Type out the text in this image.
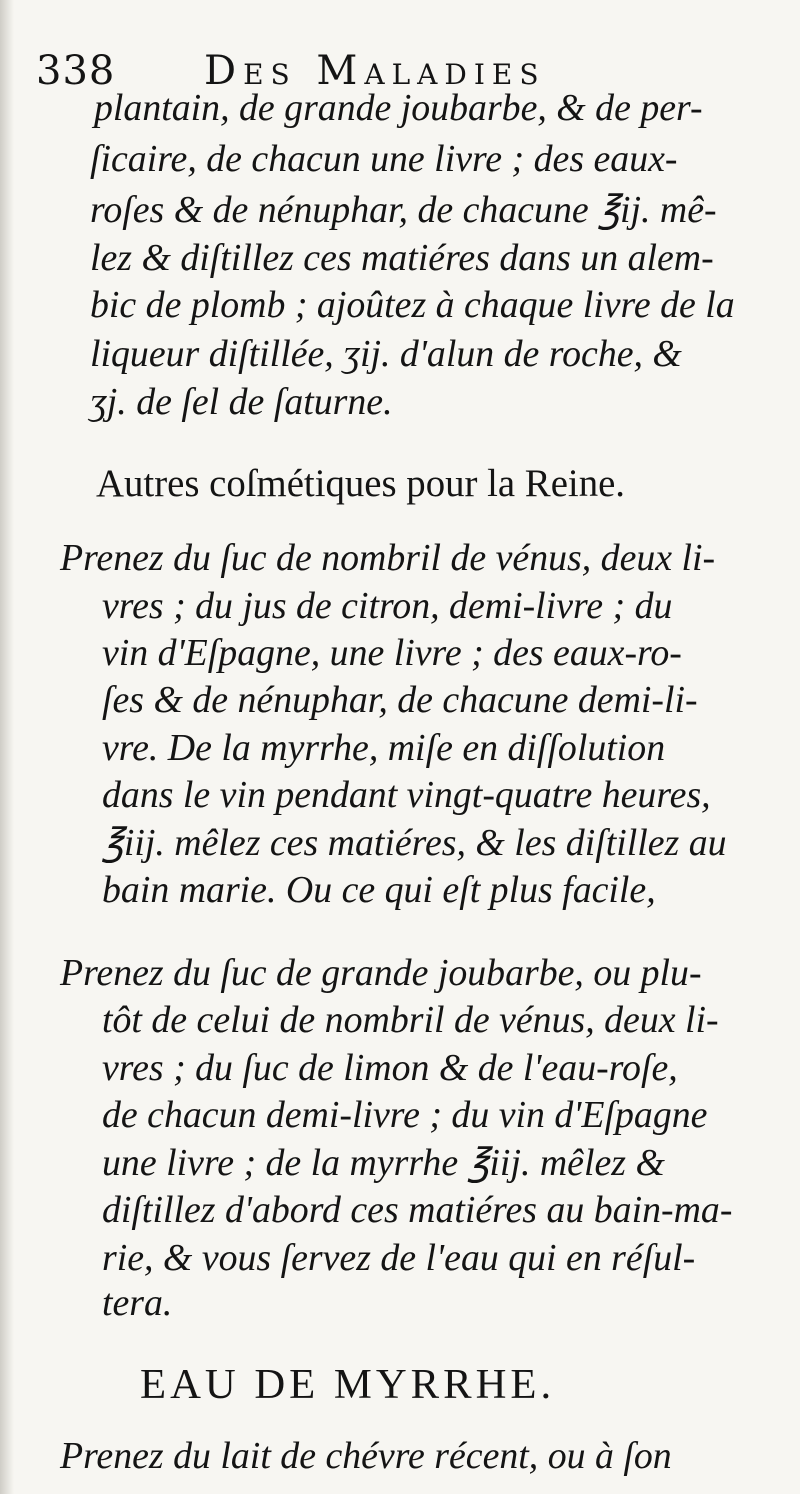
338 Des Maladies
plantain, de grande joubarbe, & de per-
ſicaire, de chacun une livre ; des eaux-
roſes & de nénuphar, de chacune ℥ij. mê-
lez & diſtillez ces matiéres dans un alem-
bic de plomb ; ajoûtez à chaque livre de la
liqueur diſtillée, ʒij. d'alun de roche, &
ʒj. de ſel de ſaturne.
Autres coſmétiques pour la Reine.
Prenez du ſuc de nombril de vénus, deux li-
vres ; du jus de citron, demi-livre ; du
vin d'Eſpagne, une livre ; des eaux-ro-
ſes & de nénuphar, de chacune demi-li-
vre. De la myrrhe, miſe en diſſolution
dans le vin pendant vingt-quatre heures,
℥iij. mêlez ces matiéres, & les diſtillez au
bain marie. Ou ce qui eſt plus facile,
Prenez du ſuc de grande joubarbe, ou plu-
tôt de celui de nombril de vénus, deux li-
vres ; du ſuc de limon & de l'eau-roſe,
de chacun demi-livre ; du vin d'Eſpagne
une livre ; de la myrrhe ℥iij. mêlez &
diſtillez d'abord ces matiéres au bain-ma-
rie, & vous ſervez de l'eau qui en réſul-
tera.
EAU DE MYRRHE.
Prenez du lait de chévre récent, ou à ſon
